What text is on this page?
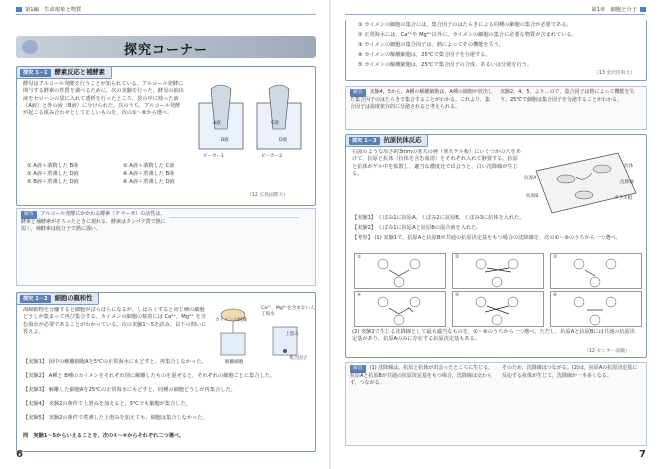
第1編　生命現象と物質
探究コーナー
探究 1－1 酵素反応と補酵素
酵母はアルコール発酵を行うことが知られている。アルコール発酵に関与する酵素の性質を調べるために，次の実験を行った。酵母の抽出液をセロハンの袋に入れて透析を行ったところ，袋の中に残った液（A液）と外の液（B液）に分けられた。次のうち，アルコール発酵が起こる組み合わせとして正しいものを，次の①〜⑥から選べ。
A液
B液
C液
D液
ビーカー1	ビーカー2
① A液＋酒精した B液	② A液＋酒精した C液
③ A液＋煮沸した D液	④ A液＋煮沸した B液
⑤ B液＋煮沸した D液	⑥ A液＋煮沸した D液
（12 広島国際大）
解答 アルコール発酵にかかわる酵素（チマーゼ）の活性は，酵素と補酵素がそろったときに現れる。酵素はタンパク質で熱に弱く，補酵素は低分子で熱に強い。
探究 1－2 細胞の親和性
海綿動物を分離すると細胞がばらばらになるが，しばらくすると同じ種の細胞どうしが集まって再び集合する。カイメンの細胞の接着には Ca²⁺，Mg²⁺ を含む海水が必要であることがわかっている。次の実験1〜5を読み，以下の問いに答えよ。
カイメンの組織
Ca²⁺，Mg²⁺を含まない人工海水
上澄み
集合因子
解離細胞
【実験1】 図中の解離細胞Aを5℃の正常海水にもどすと，再集合しなかった。
【実験2】 A種と B種のカイメンをそれぞれ別に解離したものを混ぜると，それぞれの細胞ごとに集合した。
【実験3】 解離した細胞Aを25℃の正常海水にもどすと，同種の細胞どうしが再集合した。
【実験4】 実験2の条件で上澄みを加えると，5℃でも細胞が集合した。
【実験5】 実験2の条件で煮沸した上澄みを加えても，細胞は集合しなかった。
問　実験1〜5からいえることを，次の①〜⑥からそれぞれ二つ選べ。
6
第1章　細胞と分子
① カイメンの細胞の集合には，集合因子のはたらきによる同種の細胞の集合が必要である。
② 正常海水には，Ca²⁺や Mg²⁺以外に，カイメンの細胞の集合に必要な物質が含まれている。
③ カイメンの細胞の集合因子は，熱によってその機能を失う。
④ カイメンの解離細胞は，25℃で集合因子を分泌する。
⑤ カイメンの解離細胞は，25℃で集合因子の合成，あるいは分泌を行う。
（13 金沢医科大）
解答 実験4，5から，A種の解離細胞は，A種の細胞が放出した集合因子のはたらきで集合することがわかる。これより，集合因子は温度依存的に分泌されると考えられる。
実験2，4，5，より…ので，集合因子は熱によって機能を失う。25℃で細胞は集合因子を分泌することがわかる。
探究 1－3 抗原抗体反応
右図のような厚さ約3mmの寒天の層（寒天ゲル板）にいくつかの穴をあけて，抗原と抗体（抗体を含む血清）をそれぞれ入れて静置する。抗原と抗体がゲル中を拡散し，適当な濃度比で出会うと，白い沈降線が生じる。
抗原A
抗原B
抗体
沈降線
ガラス板
【実験1】 くぼみ1に抗原A，くぼみ2に抗原B，くぼみ3に抗体を入れた。
【実験2】 くぼみ1に抗原Aと抗原Bの混合液を入れた。
【考察】 (1) 実験1で，抗原Aと抗原Bが共通の抗原決定基をもつ場合の沈降線を，次の①〜⑥のうちから一つ選べ。
①	②	③
④	⑤	⑥
(2) 実験2で生じる沈降線として最も適当なものを，①〜⑥のうちから一つ選べ。ただし，抗原Aと抗原Bには共通の抗原決定基があり，抗原Aのみに存在する抗原決定基もある。
（12 センター試験）
解答 (1) 沈降線は，抗原と抗体が出会ったところに生じる。抗原Aと抗原Bが共通の抗原決定基をもつ場合，沈降線は交わらず，つながる。
そのため，沈降線はつながる。(2)は，抗原Aの抗原決定基に反応する抗体が生じて，沈降線が一本多くなる。
7
